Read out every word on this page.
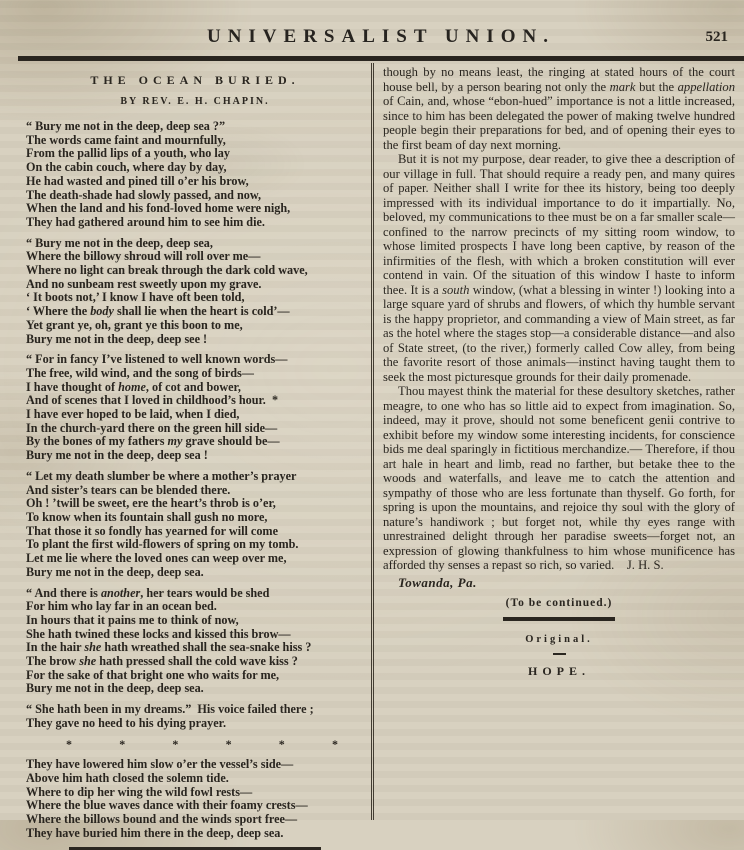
UNIVERSALIST UNION.	521
THE OCEAN BURIED.
BY REV. E. H. CHAPIN.
“ Bury me not in the deep, deep sea ?”
The words came faint and mournfully,
From the pallid lips of a youth, who lay
On the cabin couch, where day by day,
He had wasted and pined till o’er his brow,
The death-shade had slowly passed, and now,
When the land and his fond-loved home were nigh,
They had gathered around him to see him die.
“ Bury me not in the deep, deep sea,
Where the billowy shroud will roll over me—
Where no light can break through the dark cold wave,
And no sunbeam rest sweetly upon my grave.
‘ It boots not,’ I know I have oft been told,
‘ Where the body shall lie when the heart is cold’—
Yet grant ye, oh, grant ye this boon to me,
Bury me not in the deep, deep see !
“ For in fancy I’ve listened to well known words—
The free, wild wind, and the song of birds—
I have thought of home, of cot and bower,
And of scenes that I loved in childhood’s hour.  *
I have ever hoped to be laid, when I died,
In the church-yard there on the green hill side—
By the bones of my fathers my grave should be—
Bury me not in the deep, deep sea !
“ Let my death slumber be where a mother’s prayer
And sister’s tears can be blended there.
Oh ! ’twill be sweet, ere the heart’s throb is o’er,
To know when its fountain shall gush no more,
That those it so fondly has yearned for will come
To plant the first wild-flowers of spring on my tomb.
Let me lie where the loved ones can weep over me,
Bury me not in the deep, deep sea.
“ And there is another, her tears would be shed
For him who lay far in an ocean bed.
In hours that it pains me to think of now,
She hath twined these locks and kissed this brow—
In the hair she hath wreathed shall the sea-snake hiss ?
The brow she hath pressed shall the cold wave kiss ?
For the sake of that bright one who waits for me,
Bury me not in the deep, deep sea.
“ She hath been in my dreams.”  His voice failed there ;
They gave no heed to his dying prayer.
*	*	*	*	*	*
They have lowered him slow o’er the vessel’s side—
Above him hath closed the solemn tide.
Where to dip her wing the wild fowl rests—
Where the blue waves dance with their foamy crests—
Where the billows bound and the winds sport free—
They have buried him there in the deep, deep sea.

though by no means least, the ringing at stated hours of the court house bell, by a person bearing not only the mark but the appellation of Cain, and, whose “ebon-hued” importance is not a little increased, since to him has been delegated the power of making twelve hundred people begin their preparations for bed, and of opening their eyes to the first beam of day next morning.

But it is not my purpose, dear reader, to give thee a description of our village in full. That should require a ready pen, and many quires of paper. Neither shall I write for thee its history, being too deeply impressed with its individual importance to do it impartially. No, beloved, my communications to thee must be on a far smaller scale—confined to the narrow precincts of my sitting room window, to whose limited prospects I have long been captive, by reason of the infirmities of the flesh, with which a broken constitution will ever contend in vain. Of the situation of this window I haste to inform thee. It is a south window, (what a blessing in winter !) looking into a large square yard of shrubs and flowers, of which thy humble servant is the happy proprietor, and commanding a view of Main street, as far as the hotel where the stages stop—a considerable distance—and also of State street, (to the river,) formerly called Cow alley, from being the favorite resort of those animals—instinct having taught them to seek the most picturesque grounds for their daily promenade.

Thou mayest think the material for these desultory sketches, rather meagre, to one who has so little aid to expect from imagination. So, indeed, may it prove, should not some beneficent genii contrive to exhibit before my window some interesting incidents, for conscience bids me deal sparingly in fictitious merchandize.— Therefore, if thou art hale in heart and limb, read no farther, but betake thee to the woods and waterfalls, and leave me to catch the attention and sympathy of those who are less fortunate than thyself. Go forth, for spring is upon the mountains, and rejoice thy soul with the glory of nature’s handiwork ; but forget not, while thy eyes range with unrestrained delight through her paradise sweets—forget not, an expression of glowing thankfulness to him whose munificence has afforded thy senses a repast so rich, so varied.    J. H. S.

Towanda, Pa.
(To be continued.)
Original.
HOPE.
